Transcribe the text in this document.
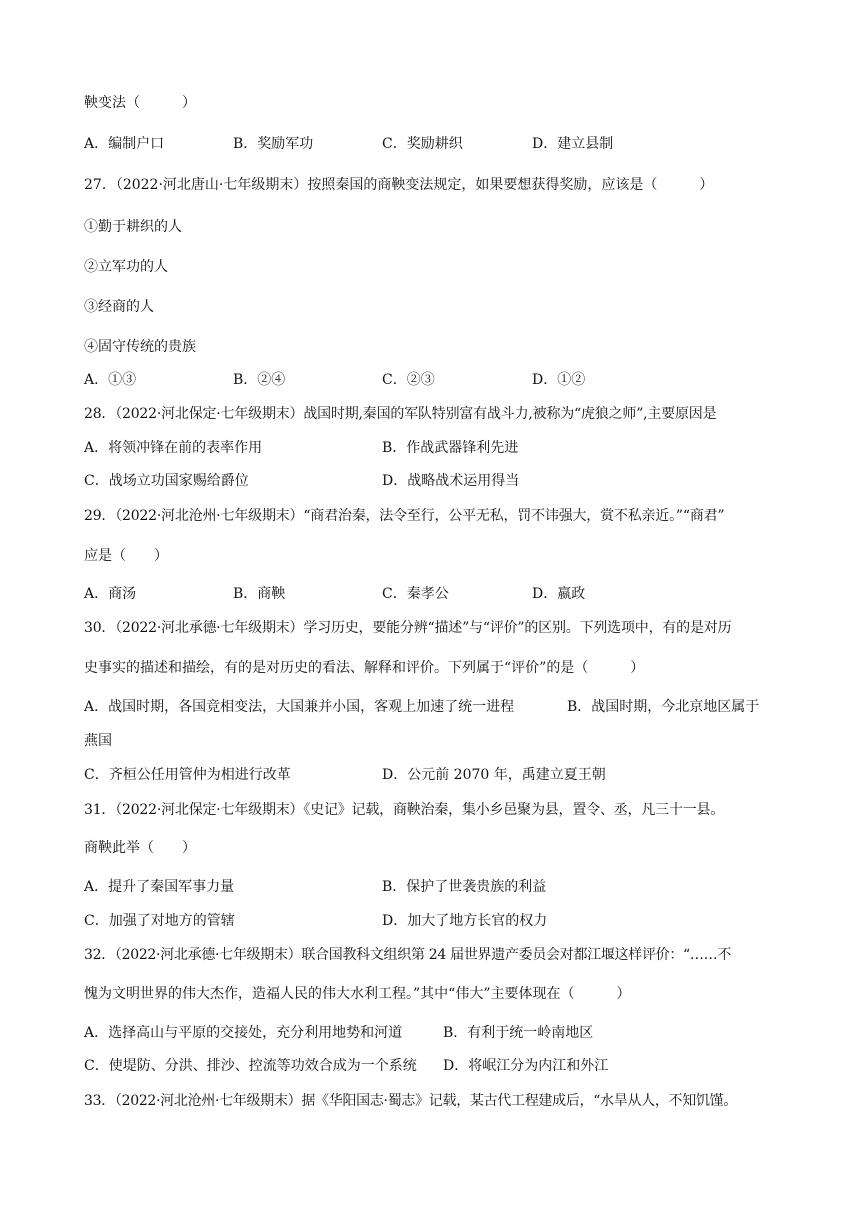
鞅变法（　　　）
A．编制户口	B．奖励军功	C．奖励耕织	D．建立县制
27．（2022·河北唐山·七年级期末）按照秦国的商鞅变法规定，如果要想获得奖励，应该是（　　　）
①勤于耕织的人
②立军功的人
③经商的人
④固守传统的贵族
A．①③	B．②④	C．②③	D．①②
28．（2022·河北保定·七年级期末）战国时期,秦国的军队特别富有战斗力,被称为“虎狼之师”,主要原因是
A．将领冲锋在前的表率作用	B．作战武器锋利先进
C．战场立功国家赐给爵位	D．战略战术运用得当
29．（2022·河北沧州·七年级期末）“商君治秦，法令至行，公平无私，罚不讳强大，赏不私亲近。”“商君”
应是（　　）
A．商汤	B．商鞅	C．秦孝公	D．嬴政
30．（2022·河北承德·七年级期末）学习历史，要能分辨“描述”与“评价”的区别。下列选项中，有的是对历
史事实的描述和描绘，有的是对历史的看法、解释和评价。下列属于“评价”的是（　　　）
A．战国时期，各国竞相变法，大国兼并小国，客观上加速了统一进程	B．战国时期，今北京地区属于
燕国
C．齐桓公任用管仲为相进行改革	D．公元前 2070 年，禹建立夏王朝
31．（2022·河北保定·七年级期末）《史记》记载，商鞅治秦，集小乡邑聚为县，置令、丞，凡三十一县。
商鞅此举（　　）
A．提升了秦国军事力量	B．保护了世袭贵族的利益
C．加强了对地方的管辖	D．加大了地方长官的权力
32．（2022·河北承德·七年级期末）联合国教科文组织第 24 届世界遗产委员会对都江堰这样评价：“……不
愧为文明世界的伟大杰作，造福人民的伟大水利工程。”其中“伟大”主要体现在（　　　）
A．选择高山与平原的交接处，充分利用地势和河道	B．有利于统一岭南地区
C．使堤防、分洪、排沙、控流等功效合成为一个系统 D．将岷江分为内江和外江
33．（2022·河北沧州·七年级期末）据《华阳国志·蜀志》记载，某古代工程建成后，“水旱从人，不知饥馑。
